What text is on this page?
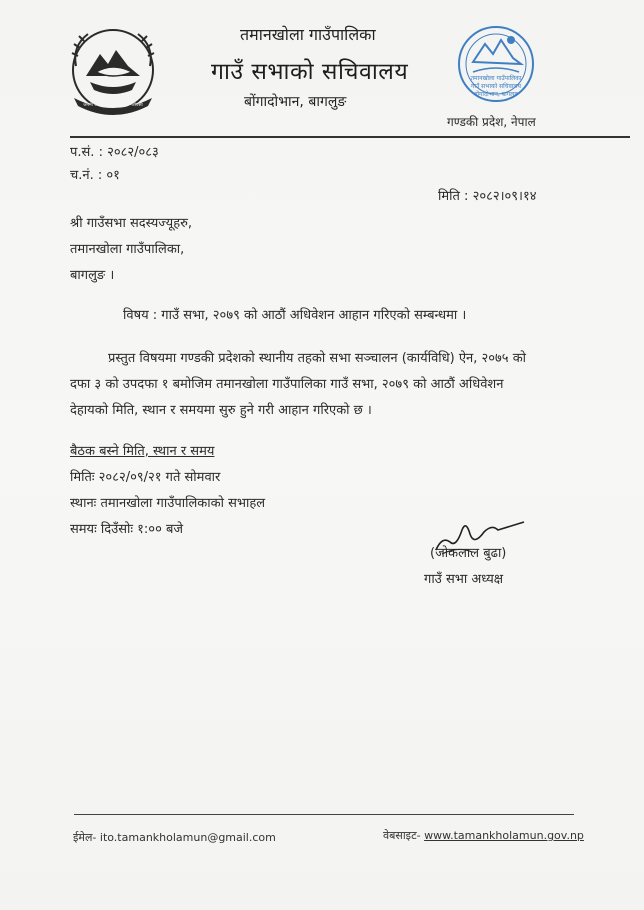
जननी जन्मभूमिश्च स्वर्गादपि गरीयसी
तमानखोला गाउँपालिका
गाउँ सभाको सचिवालय
बोंगादोभान, बागलुङ
तमानखोला गाउँपालिका
गाउँ सभाको सचिवालय
बोंगादोभान, बागलुङ
गण्डकी प्रदेश, नेपाल
प.सं. : २०८२/०८३
च.नं. : ०१
मिति : २०८२।०९।१४
श्री गाउँसभा सदस्यज्यूहरु,
तमानखोला गाउँपालिका,
बागलुङ ।
विषय : गाउँ सभा, २०७९ को आठौं अधिवेशन आहान गरिएको सम्बन्धमा ।
प्रस्तुत विषयमा गण्डकी प्रदेशको स्थानीय तहको सभा सञ्चालन (कार्यविधि) ऐन, २०७५ को
दफा ३ को उपदफा १ बमोजिम तमानखोला गाउँपालिका गाउँ सभा, २०७९ को आठौं अधिवेशन
देहायको मिति, स्थान र समयमा सुरु हुने गरी आहान गरिएको छ ।
बैठक बस्ने मिति, स्थान र समय
मितिः २०८२/०९/२१ गते सोमवार
स्थानः तमानखोला गाउँपालिकाको सभाहल
समयः दिउँसोः १:०० बजे
(जोकलाल बुढा)
गाउँ सभा अध्यक्ष
ईमेल- ito.tamankholamun@gmail.com	वेबसाइट- www.tamankholamun.gov.np
